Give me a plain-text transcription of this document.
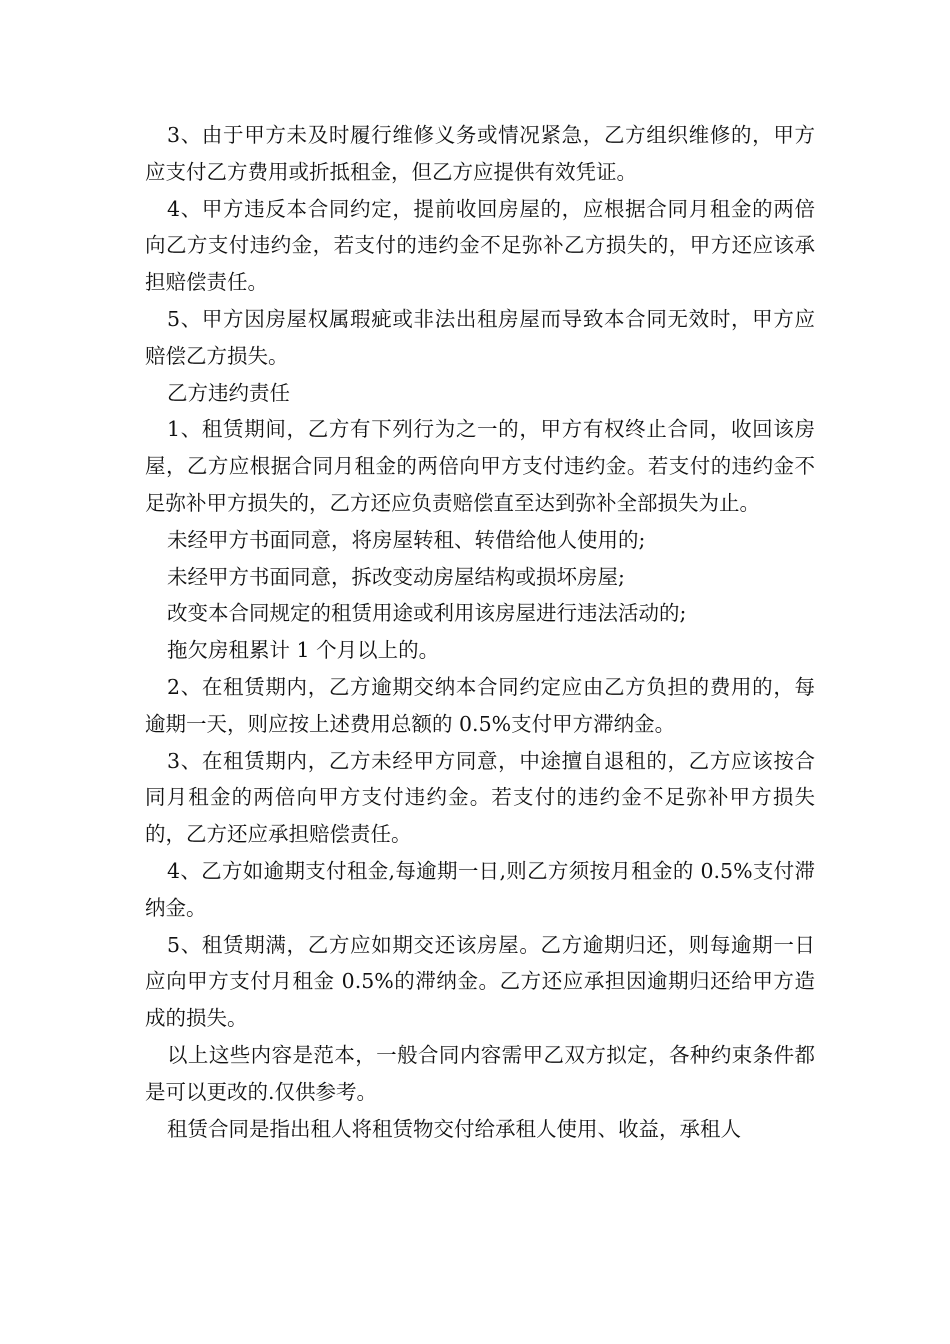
3、由于甲方未及时履行维修义务或情况紧急，乙方组织维修的，甲方应支付乙方费用或折抵租金，但乙方应提供有效凭证。

4、甲方违反本合同约定，提前收回房屋的，应根据合同月租金的两倍向乙方支付违约金，若支付的违约金不足弥补乙方损失的，甲方还应该承担赔偿责任。

5、甲方因房屋权属瑕疵或非法出租房屋而导致本合同无效时，甲方应赔偿乙方损失。

乙方违约责任

1、租赁期间，乙方有下列行为之一的，甲方有权终止合同，收回该房屋，乙方应根据合同月租金的两倍向甲方支付违约金。若支付的违约金不足弥补甲方损失的，乙方还应负责赔偿直至达到弥补全部损失为止。

未经甲方书面同意，将房屋转租、转借给他人使用的;

未经甲方书面同意，拆改变动房屋结构或损坏房屋;

改变本合同规定的租赁用途或利用该房屋进行违法活动的;

拖欠房租累计 1 个月以上的。

2、在租赁期内，乙方逾期交纳本合同约定应由乙方负担的费用的，每逾期一天，则应按上述费用总额的 0.5%支付甲方滞纳金。

3、在租赁期内，乙方未经甲方同意，中途擅自退租的，乙方应该按合同月租金的两倍向甲方支付违约金。若支付的违约金不足弥补甲方损失的，乙方还应承担赔偿责任。

4、乙方如逾期支付租金,每逾期一日,则乙方须按月租金的 0.5%支付滞纳金。

5、租赁期满，乙方应如期交还该房屋。乙方逾期归还，则每逾期一日应向甲方支付月租金 0.5%的滞纳金。乙方还应承担因逾期归还给甲方造成的损失。

以上这些内容是范本，一般合同内容需甲乙双方拟定，各种约束条件都是可以更改的.仅供参考。

租赁合同是指出租人将租赁物交付给承租人使用、收益，承租人
